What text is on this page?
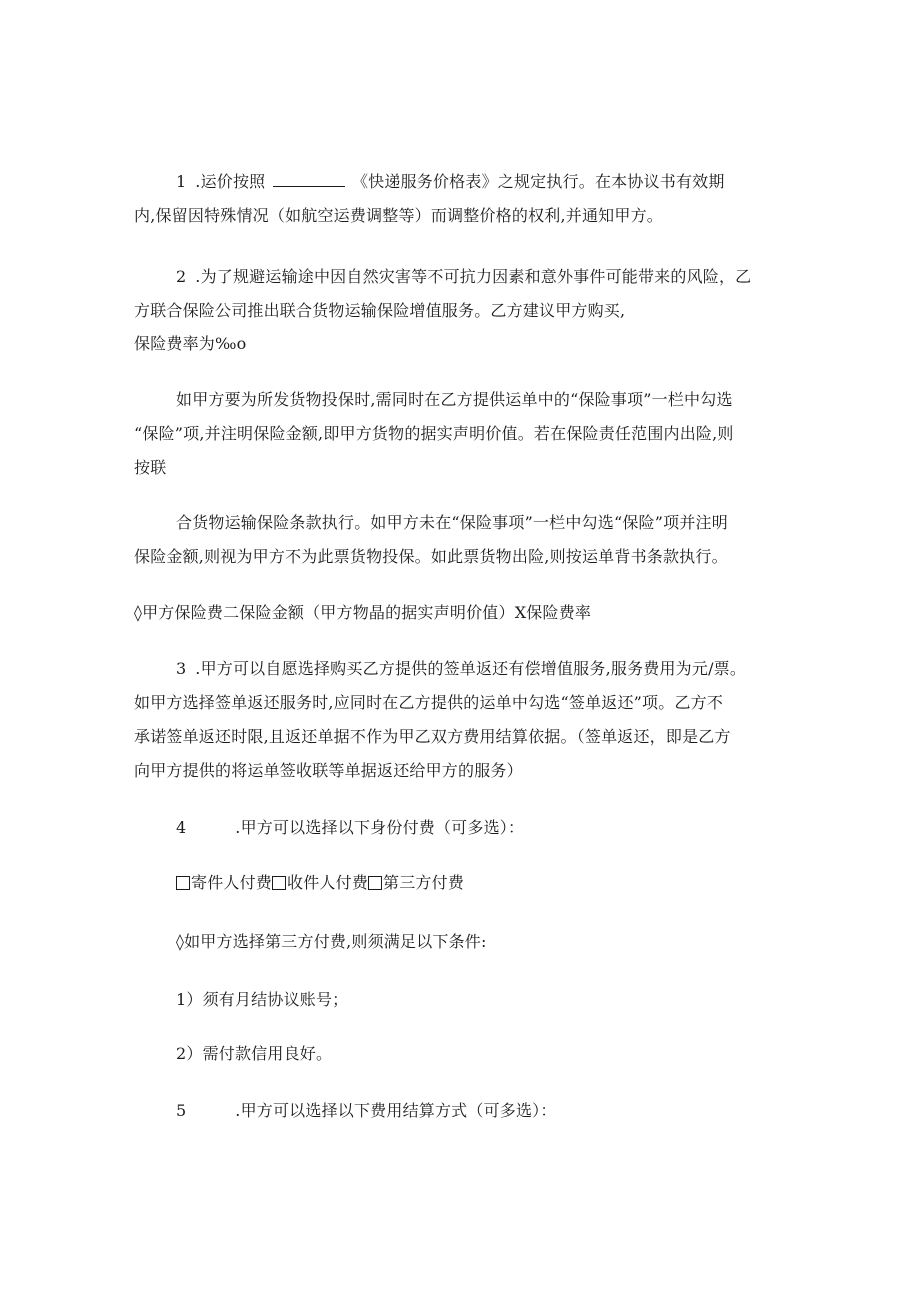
1 .运价按照	《快递服务价格表》之规定执行。在本协议书有效期
内,保留因特殊情况（如航空运费调整等）而调整价格的权利,并通知甲方。
2 .为了规避运输途中因自然灾害等不可抗力因素和意外事件可能带来的风险，乙
方联合保险公司推出联合货物运输保险增值服务。乙方建议甲方购买,
保险费率为‰o
如甲方要为所发货物投保时,需同时在乙方提供运单中的“保险事项”一栏中勾选
“保险”项,并注明保险金额,即甲方货物的据实声明价值。若在保险责任范围内出险,则
按联
合货物运输保险条款执行。如甲方未在“保险事项”一栏中勾选“保险”项并注明
保险金额,则视为甲方不为此票货物投保。如此票货物出险,则按运单背书条款执行。
◊甲方保险费二保险金额（甲方物晶的据实声明价值）X保险费率
3 .甲方可以自愿选择购买乙方提供的签单返还有偿增值服务,服务费用为元/票。
如甲方选择签单返还服务时,应同时在乙方提供的运单中勾选“签单返还”项。乙方不
承诺签单返还时限,且返还单据不作为甲乙双方费用结算依据。（签单返还，即是乙方
向甲方提供的将运单签收联等单据返还给甲方的服务）
4	.甲方可以选择以下身份付费（可多选）：
寄件人付费 收件人付费 第三方付费
◊如甲方选择第三方付费,则须满足以下条件:
1）须有月结协议账号；
2）需付款信用良好。
5	.甲方可以选择以下费用结算方式（可多选）：
